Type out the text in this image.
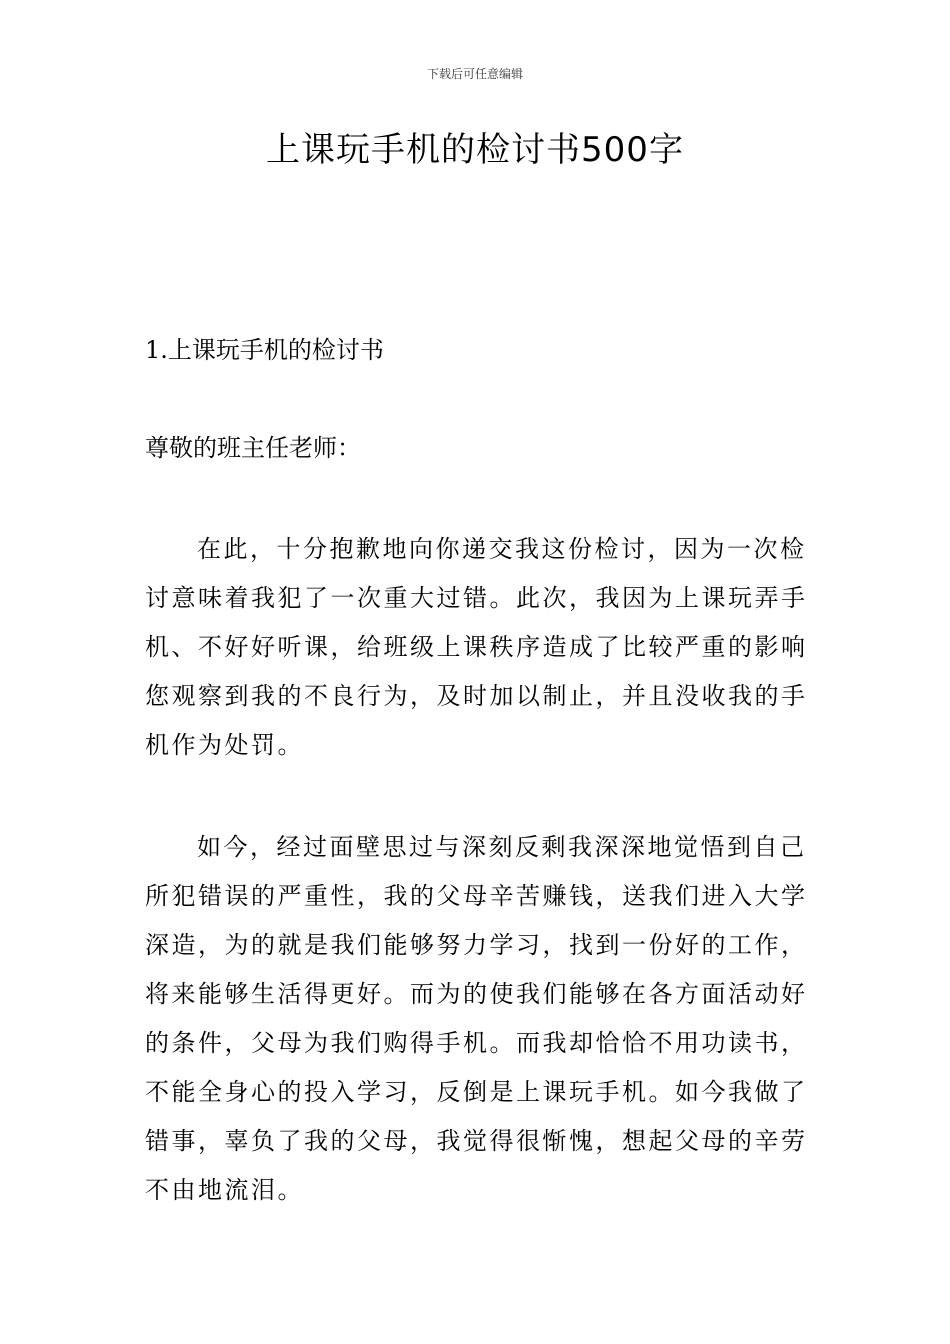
下载后可任意编辑
上课玩手机的检讨书500字
1.上课玩手机的检讨书

尊敬的班主任老师：

在此，十分抱歉地向你递交我这份检讨，因为一次检
讨意味着我犯了一次重大过错。此次，我因为上课玩弄手
机、不好好听课，给班级上课秩序造成了比较严重的影响
您观察到我的不良行为，及时加以制止，并且没收我的手
机作为处罚。
如今，经过面壁思过与深刻反剩我深深地觉悟到自己
所犯错误的严重性，我的父母辛苦赚钱，送我们进入大学
深造，为的就是我们能够努力学习，找到一份好的工作，
将来能够生活得更好。而为的使我们能够在各方面活动好
的条件，父母为我们购得手机。而我却恰恰不用功读书，
不能全身心的投入学习，反倒是上课玩手机。如今我做了
错事，辜负了我的父母，我觉得很惭愧，想起父母的辛劳
不由地流泪。
